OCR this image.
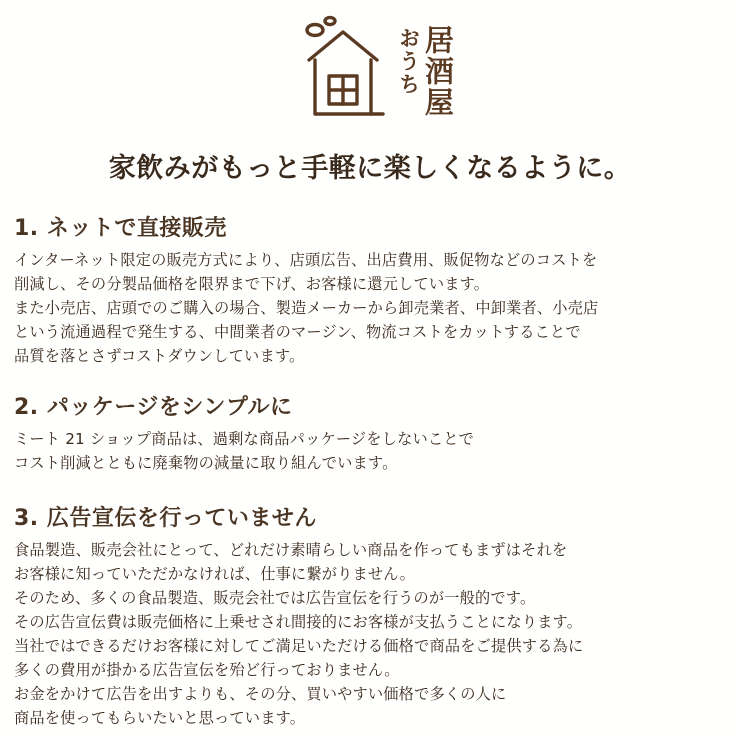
居酒屋
おうち
家飲みがもっと手軽に楽しくなるように。
1. ネットで直接販売

インターネット限定の販売方式により、店頭広告、出店費用、販促物などのコストを

削減し、その分製品価格を限界まで下げ、お客様に還元しています。

また小売店、店頭でのご購入の場合、製造メーカーから卸売業者、中卸業者、小売店

という流通過程で発生する、中間業者のマージン、物流コストをカットすることで

品質を落とさずコストダウンしています。

2. パッケージをシンプルに

ミート 21 ショップ商品は、過剰な商品パッケージをしないことで

コスト削減とともに廃棄物の減量に取り組んでいます。

3. 広告宣伝を行っていません

食品製造、販売会社にとって、どれだけ素晴らしい商品を作ってもまずはそれを

お客様に知っていただかなければ、仕事に繋がりません。

そのため、多くの食品製造、販売会社では広告宣伝を行うのが一般的です。

その広告宣伝費は販売価格に上乗せされ間接的にお客様が支払うことになります。

当社ではできるだけお客様に対してご満足いただける価格で商品をご提供する為に

多くの費用が掛かる広告宣伝を殆ど行っておりません。

お金をかけて広告を出すよりも、その分、買いやすい価格で多くの人に

商品を使ってもらいたいと思っています。
